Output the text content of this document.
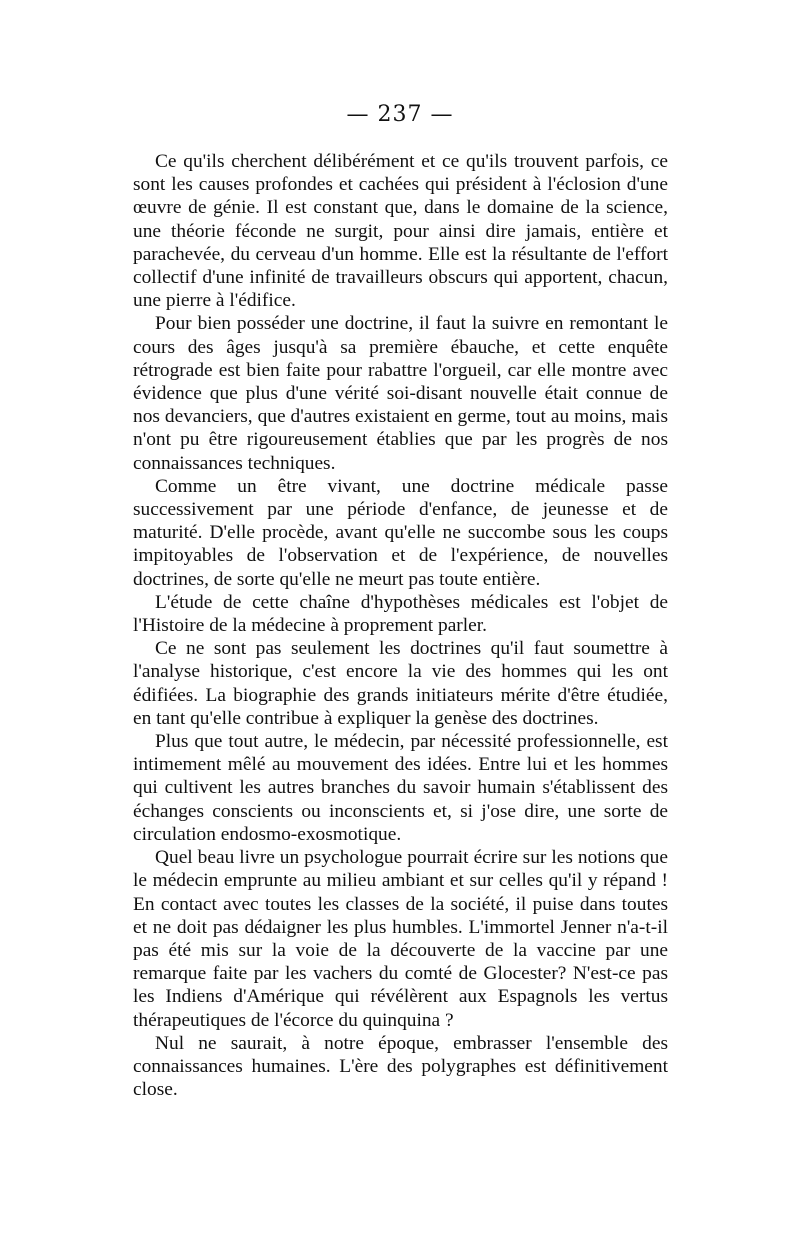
— 237 —

Ce qu'ils cherchent délibérément et ce qu'ils trouvent parfois, ce sont les causes profondes et cachées qui président à l'éclosion d'une œuvre de génie. Il est constant que, dans le domaine de la science, une théorie féconde ne surgit, pour ainsi dire jamais, entière et parachevée, du cerveau d'un homme. Elle est la résultante de l'effort collectif d'une infinité de travailleurs obscurs qui apportent, chacun, une pierre à l'édifice.

Pour bien posséder une doctrine, il faut la suivre en remontant le cours des âges jusqu'à sa première ébauche, et cette enquête rétrograde est bien faite pour rabattre l'orgueil, car elle montre avec évidence que plus d'une vérité soi-disant nouvelle était connue de nos devanciers, que d'autres existaient en germe, tout au moins, mais n'ont pu être rigoureusement établies que par les progrès de nos connaissances techniques.

Comme un être vivant, une doctrine médicale passe successivement par une période d'enfance, de jeunesse et de maturité. D'elle procède, avant qu'elle ne succombe sous les coups impitoyables de l'observation et de l'expérience, de nouvelles doctrines, de sorte qu'elle ne meurt pas toute entière.

L'étude de cette chaîne d'hypothèses médicales est l'objet de l'Histoire de la médecine à proprement parler.

Ce ne sont pas seulement les doctrines qu'il faut soumettre à l'analyse historique, c'est encore la vie des hommes qui les ont édifiées. La biographie des grands initiateurs mérite d'être étudiée, en tant qu'elle contribue à expliquer la genèse des doctrines.

Plus que tout autre, le médecin, par nécessité professionnelle, est intimement mêlé au mouvement des idées. Entre lui et les hommes qui cultivent les autres branches du savoir humain s'établissent des échanges conscients ou inconscients et, si j'ose dire, une sorte de circulation endosmo-exosmotique.

Quel beau livre un psychologue pourrait écrire sur les notions que le médecin emprunte au milieu ambiant et sur celles qu'il y répand ! En contact avec toutes les classes de la société, il puise dans toutes et ne doit pas dédaigner les plus humbles. L'immortel Jenner n'a-t-il pas été mis sur la voie de la découverte de la vaccine par une remarque faite par les vachers du comté de Glocester? N'est-ce pas les Indiens d'Amérique qui révélèrent aux Espagnols les vertus thérapeutiques de l'écorce du quinquina ?

Nul ne saurait, à notre époque, embrasser l'ensemble des connaissances humaines. L'ère des polygraphes est définitivement close.
